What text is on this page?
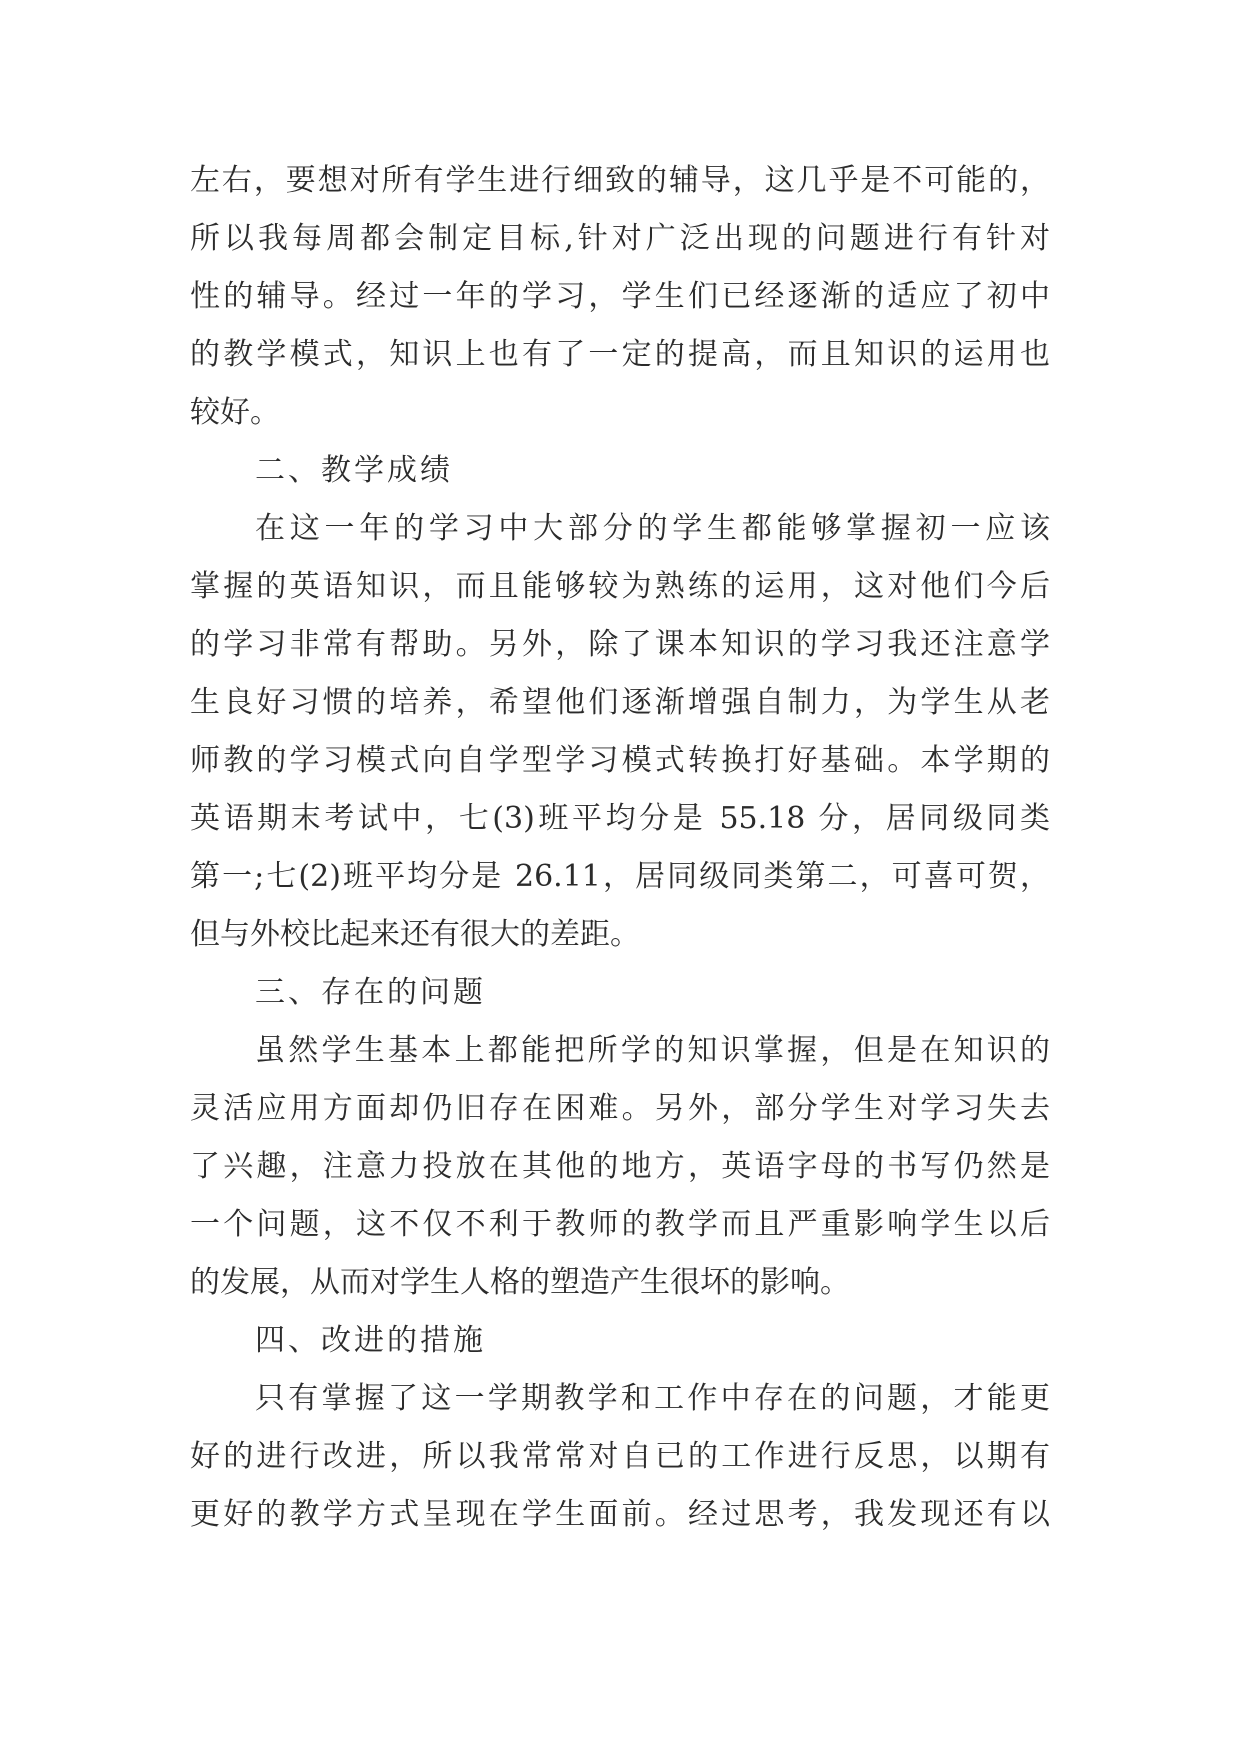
左右，要想对所有学生进行细致的辅导，这几乎是不可能的，
所以我每周都会制定目标,针对广泛出现的问题进行有针对
性的辅导。经过一年的学习，学生们已经逐渐的适应了初中
的教学模式，知识上也有了一定的提高，而且知识的运用也
较好。
二、教学成绩
在这一年的学习中大部分的学生都能够掌握初一应该
掌握的英语知识，而且能够较为熟练的运用，这对他们今后
的学习非常有帮助。另外，除了课本知识的学习我还注意学
生良好习惯的培养，希望他们逐渐增强自制力，为学生从老
师教的学习模式向自学型学习模式转换打好基础。本学期的
英语期末考试中，七(3)班平均分是 55.18 分，居同级同类
第一;七(2)班平均分是 26.11，居同级同类第二，可喜可贺，
但与外校比起来还有很大的差距。
三、存在的问题
虽然学生基本上都能把所学的知识掌握，但是在知识的
灵活应用方面却仍旧存在困难。另外，部分学生对学习失去
了兴趣，注意力投放在其他的地方，英语字母的书写仍然是
一个问题，这不仅不利于教师的教学而且严重影响学生以后
的发展，从而对学生人格的塑造产生很坏的影响。
四、改进的措施
只有掌握了这一学期教学和工作中存在的问题，才能更
好的进行改进，所以我常常对自已的工作进行反思，以期有
更好的教学方式呈现在学生面前。经过思考，我发现还有以
